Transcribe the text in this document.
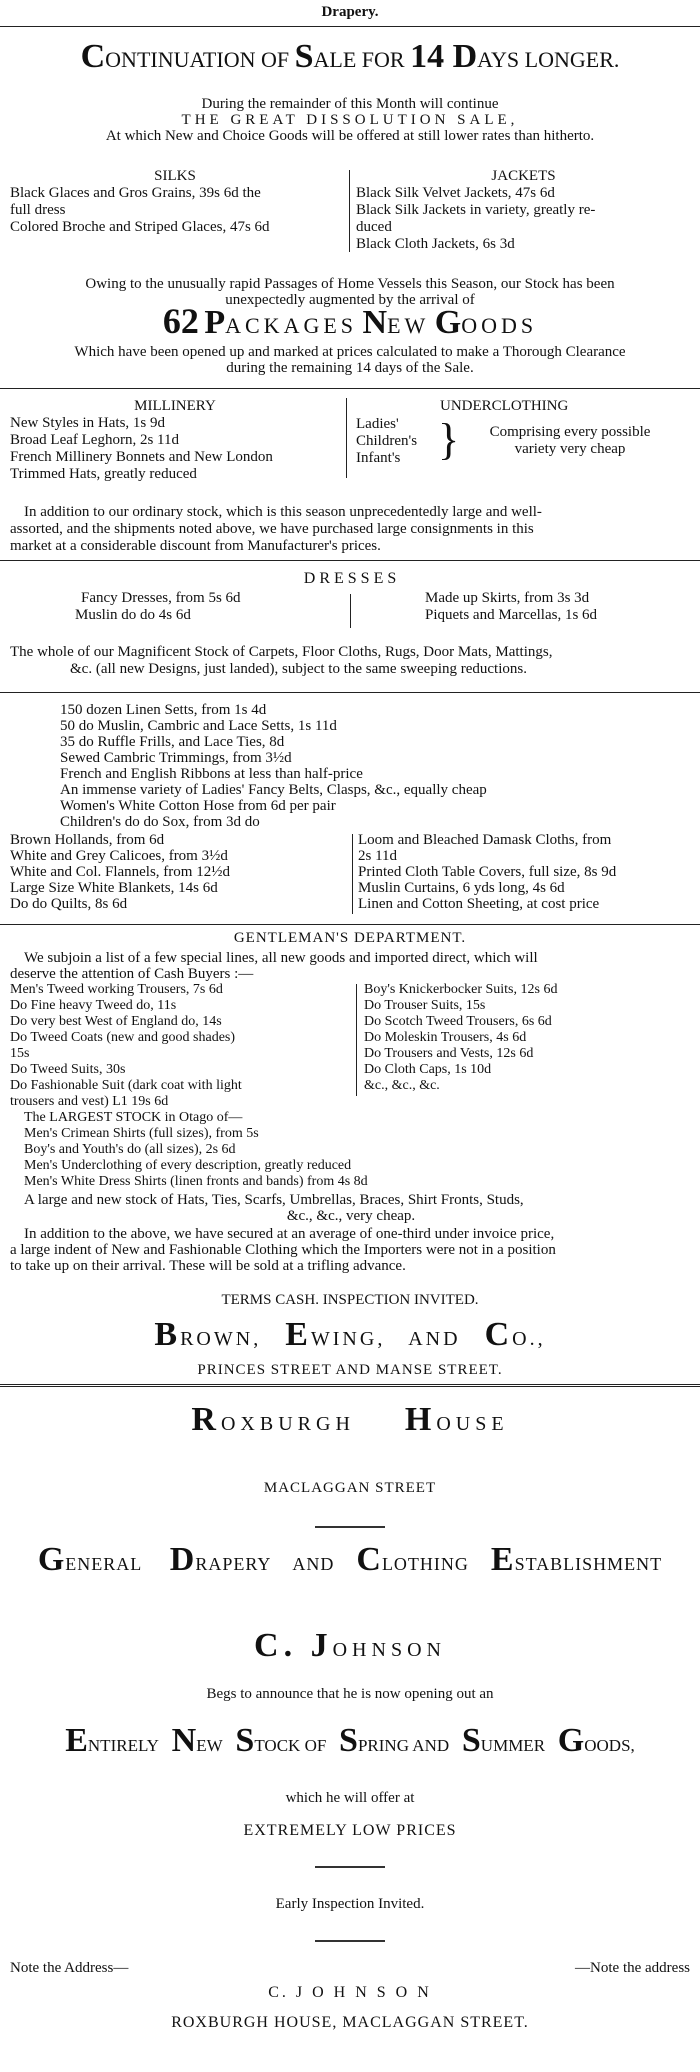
Drapery.
CONTINUATION OF SALE FOR 14 DAYS LONGER.
During the remainder of this Month will continue
THE GREAT DISSOLUTION SALE,
At which New and Choice Goods will be offered at still lower rates than hitherto.
SILKS
Black Glaces and Gros Grains, 39s 6d the
full dress
Colored Broche and Striped Glaces, 47s 6d
JACKETS
Black Silk Velvet Jackets, 47s 6d
Black Silk Jackets in variety, greatly re-
duced
Black Cloth Jackets, 6s 3d
Owing to the unusually rapid Passages of Home Vessels this Season, our Stock has been
unexpectedly augmented by the arrival of
62 PACKAGES NEW GOODS
Which have been opened up and marked at prices calculated to make a Thorough Clearance
during the remaining 14 days of the Sale.
MILLINERY
New Styles in Hats, 1s 9d
Broad Leaf Leghorn, 2s 11d
French Millinery Bonnets and New London
Trimmed Hats, greatly reduced
UNDERCLOTHING
Ladies'
Children's
Infant's }	Comprising every possible
variety very cheap
In addition to our ordinary stock, which is this season unprecedentedly large and well-
assorted, and the shipments noted above, we have purchased large consignments in this
market at a considerable discount from Manufacturer's prices.
D R E S S E S
Fancy Dresses, from 5s 6d
Muslin do do 4s 6d
Made up Skirts, from 3s 3d
Piquets and Marcellas, 1s 6d
The whole of our Magnificent Stock of Carpets, Floor Cloths, Rugs, Door Mats, Mattings,
&c. (all new Designs, just landed), subject to the same sweeping reductions.
150 dozen Linen Setts, from 1s 4d
50 do Muslin, Cambric and Lace Setts, 1s 11d
35 do Ruffle Frills, and Lace Ties, 8d
Sewed Cambric Trimmings, from 3½d
French and English Ribbons at less than half-price
An immense variety of Ladies' Fancy Belts, Clasps, &c., equally cheap
Women's White Cotton Hose from 6d per pair
Children's do do Sox, from 3d do
Brown Hollands, from 6d
White and Grey Calicoes, from 3½d
White and Col. Flannels, from 12½d
Large Size White Blankets, 14s 6d
Do do Quilts, 8s 6d
Loom and Bleached Damask Cloths, from
2s 11d
Printed Cloth Table Covers, full size, 8s 9d
Muslin Curtains, 6 yds long, 4s 6d
Linen and Cotton Sheeting, at cost price
GENTLEMAN'S DEPARTMENT.
We subjoin a list of a few special lines, all new goods and imported direct, which will
deserve the attention of Cash Buyers :—
Men's Tweed working Trousers, 7s 6d
Do Fine heavy Tweed do, 11s
Do very best West of England do, 14s
Do Tweed Coats (new and good shades)
15s
Do Tweed Suits, 30s
Do Fashionable Suit (dark coat with light
trousers and vest) L1 19s 6d
Boy's Knickerbocker Suits, 12s 6d
Do Trouser Suits, 15s
Do Scotch Tweed Trousers, 6s 6d
Do Moleskin Trousers, 4s 6d
Do Trousers and Vests, 12s 6d
Do Cloth Caps, 1s 10d
&c., &c., &c.
The LARGEST STOCK in Otago of—
Men's Crimean Shirts (full sizes), from 5s
Boy's and Youth's do (all sizes), 2s 6d
Men's Underclothing of every description, greatly reduced
Men's White Dress Shirts (linen fronts and bands) from 4s 8d
A large and new stock of Hats, Ties, Scarfs, Umbrellas, Braces, Shirt Fronts, Studs,
&c., &c., very cheap.
In addition to the above, we have secured at an average of one-third under invoice price,
a large indent of New and Fashionable Clothing which the Importers were not in a position
to take up on their arrival. These will be sold at a trifling advance.
TERMS CASH. INSPECTION INVITED.
BROWN, EWING, AND CO.,
PRINCES STREET AND MANSE STREET.
ROXBURGH HOUSE
MACLAGGAN STREET
GENERAL DRAPERY AND CLOTHING ESTABLISHMENT
C. JOHNSON
Begs to announce that he is now opening out an
ENTIRELY NEW STOCK OF SPRING AND SUMMER GOODS,
which he will offer at
EXTREMELY LOW PRICES
Early Inspection Invited.
Note the Address—	—Note the address
C. J O H N S O N
ROXBURGH HOUSE, MACLAGGAN STREET.
